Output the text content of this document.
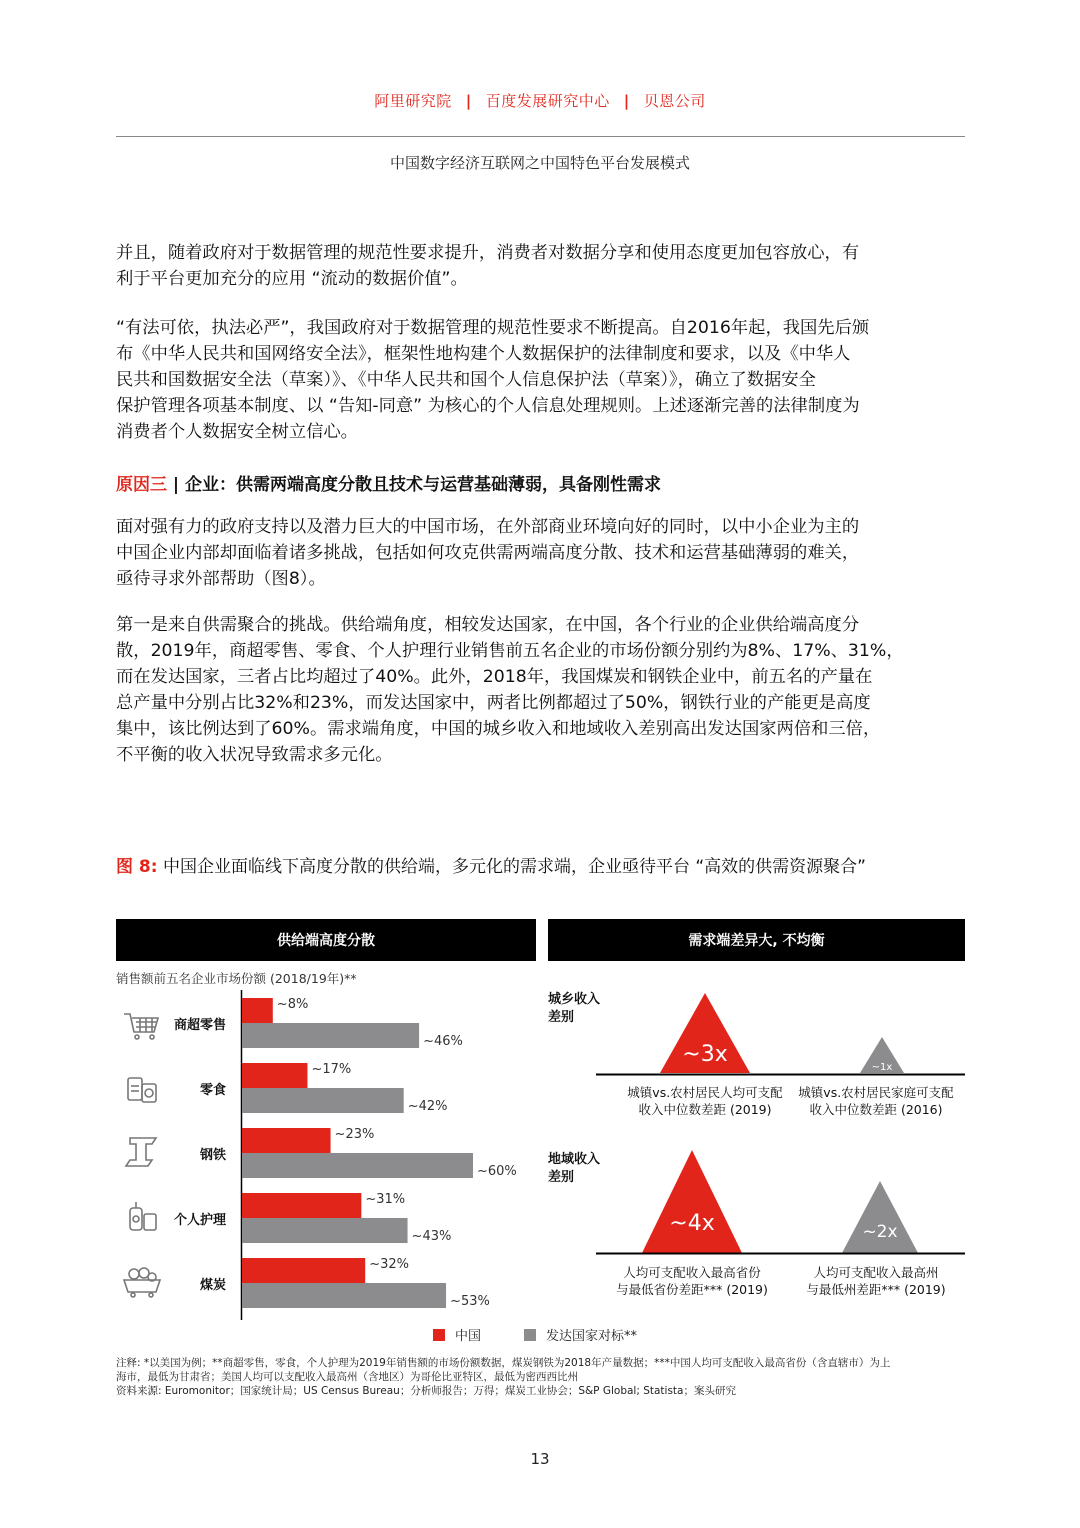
阿里研究院 | 百度发展研究中心 | 贝恩公司
中国数字经济互联网之中国特色平台发展模式
并且，随着政府对于数据管理的规范性要求提升，消费者对数据分享和使用态度更加包容放心，有
利于平台更加充分的应用 “流动的数据价值”。
“有法可依，执法必严”，我国政府对于数据管理的规范性要求不断提高。自2016年起，我国先后颁
布《中华人民共和国网络安全法》，框架性地构建个人数据保护的法律制度和要求，以及《中华人
民共和国数据安全法（草案）》、《中华人民共和国个人信息保护法（草案）》，确立了数据安全
保护管理各项基本制度、以 “告知-同意” 为核心的个人信息处理规则。上述逐渐完善的法律制度为
消费者个人数据安全树立信心。
原因三 | 企业：供需两端高度分散且技术与运营基础薄弱，具备刚性需求
面对强有力的政府支持以及潜力巨大的中国市场，在外部商业环境向好的同时，以中小企业为主的
中国企业内部却面临着诸多挑战，包括如何攻克供需两端高度分散、技术和运营基础薄弱的难关，
亟待寻求外部帮助（图8）。
第一是来自供需聚合的挑战。供给端角度，相较发达国家，在中国，各个行业的企业供给端高度分
散，2019年，商超零售、零食、个人护理行业销售前五名企业的市场份额分别约为8%、17%、31%，
而在发达国家，三者占比均超过了40%。此外，2018年，我国煤炭和钢铁企业中，前五名的产量在
总产量中分别占比32%和23%，而发达国家中，两者比例都超过了50%，钢铁行业的产能更是高度
集中，该比例达到了60%。需求端角度，中国的城乡收入和地域收入差别高出发达国家两倍和三倍，
不平衡的收入状况导致需求多元化。
图 8: 中国企业面临线下高度分散的供给端，多元化的需求端，企业亟待平台 “高效的供需资源聚合”
供给端高度分散	需求端差异大, 不均衡
销售额前五名企业市场份额 (2018/19年)**
~8%
~46%
~17%
~42%
~23%
~60%
~31%
~43%
~32%
~53%
商超零售
零食
钢铁
个人护理
煤炭
中国	发达国家对标**
城乡收入差别
地域收入差别
~3x
~1x
城镇vs.农村居民人均可支配收入中位数差距 (2019)
城镇vs.农村居民家庭可支配收入中位数差距 (2016)
~4x	~2x
人均可支配收入最高省份与最低省份差距*** (2019)
人均可支配收入最高州与最低州差距*** (2019)
注释: *以美国为例；**商超零售，零食，个人护理为2019年销售额的市场份额数据，煤炭钢铁为2018年产量数据；***中国人均可支配收入最高省份（含直辖市）为上
海市，最低为甘肃省；美国人均可以支配收入最高州（含地区）为哥伦比亚特区，最低为密西西比州
资料来源: Euromonitor；国家统计局；US Census Bureau；分析师报告；万得；煤炭工业协会；S&P Global; Statista；案头研究
13
